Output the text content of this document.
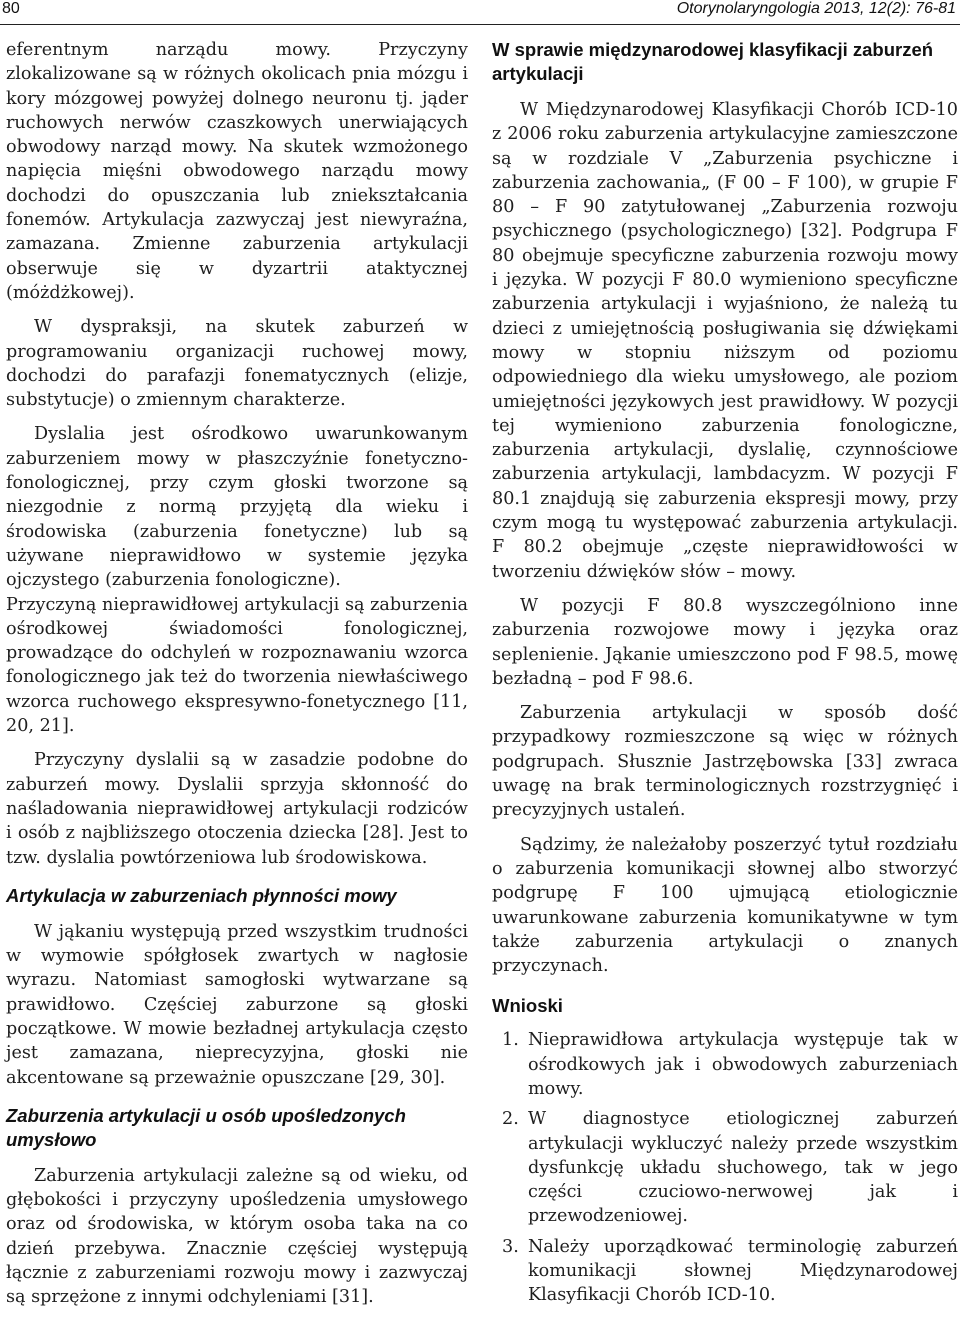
80	Otorynolaryngologia 2013, 12(2): 76-81

eferentnym narządu mowy. Przyczyny zlokalizowane są w różnych okolicach pnia mózgu i kory mózgowej powyżej dolnego neuronu tj. jąder ruchowych nerwów czaszkowych unerwiających obwodowy narząd mowy. Na skutek wzmożonego napięcia mięśni obwodowego narządu mowy dochodzi do opuszczania lub zniekształcania fonemów. Artykulacja zazwyczaj jest niewyraźna, zamazana. Zmienne zaburzenia artykulacji obserwuje się w dyzartrii ataktycznej (móżdżkowej).

W dyspraksji, na skutek zaburzeń w programowaniu organizacji ruchowej mowy, dochodzi do parafazji fonematycznych (elizje, substytucje) o zmiennym charakterze.

Dyslalia jest ośrodkowo uwarunkowanym zaburzeniem mowy w płaszczyźnie fonetyczno-fonologicznej, przy czym głoski tworzone są niezgodnie z normą przyjętą dla wieku i środowiska (zaburzenia fonetyczne) lub są używane nieprawidłowo w systemie języka ojczystego (zaburzenia fonologiczne).

Przyczyną nieprawidłowej artykulacji są zaburzenia ośrodkowej świadomości fonologicznej, prowadzące do odchyleń w rozpoznawaniu wzorca fonologicznego jak też do tworzenia niewłaściwego wzorca ruchowego ekspresywno-fonetycznego [11, 20, 21].

Przyczyny dyslalii są w zasadzie podobne do zaburzeń mowy. Dyslalii sprzyja skłonność do naśladowania nieprawidłowej artykulacji rodziców i osób z najbliższego otoczenia dziecka [28]. Jest to tzw. dyslalia powtórzeniowa lub środowiskowa.

Artykulacja w zaburzeniach płynności mowy

W jąkaniu występują przed wszystkim trudności w wymowie spółgłosek zwartych w nagłosie wyrazu. Natomiast samogłoski wytwarzane są prawidłowo. Częściej zaburzone są głoski początkowe. W mowie bezładnej artykulacja często jest zamazana, nieprecyzyjna, głoski nie akcentowane są przeważnie opuszczane [29, 30].

Zaburzenia artykulacji u osób upośledzonych umysłowo

Zaburzenia artykulacji zależne są od wieku, od głębokości i przyczyny upośledzenia umysłowego oraz od środowiska, w którym osoba taka na co dzień przebywa. Znacznie częściej występują łącznie z zaburzeniami rozwoju mowy i zazwyczaj są sprzężone z innymi odchyleniami [31].

W sprawie międzynarodowej klasyfikacji zaburzeń artykulacji

W Międzynarodowej Klasyfikacji Chorób ICD-10 z 2006 roku zaburzenia artykulacyjne zamieszczone są w rozdziale V „Zaburzenia psychiczne i zaburzenia zachowania„ (F 00 – F 100), w grupie F 80 – F 90 zatytułowanej „Zaburzenia rozwoju psychicznego (psychologicznego) [32]. Podgrupa F 80 obejmuje specyficzne zaburzenia rozwoju mowy i języka. W pozycji F 80.0 wymieniono specyficzne zaburzenia artykulacji i wyjaśniono, że należą tu dzieci z umiejętnością posługiwania się dźwiękami mowy w stopniu niższym od poziomu odpowiedniego dla wieku umysłowego, ale poziom umiejętności językowych jest prawidłowy. W pozycji tej wymieniono zaburzenia fonologiczne, zaburzenia artykulacji, dyslalię, czynnościowe zaburzenia artykulacji, lambdacyzm. W pozycji F 80.1 znajdują się zaburzenia ekspresji mowy, przy czym mogą tu występować zaburzenia artykulacji. F 80.2 obejmuje „częste nieprawidłowości w tworzeniu dźwięków słów – mowy.

W pozycji F 80.8 wyszczególniono inne zaburzenia rozwojowe mowy i języka oraz seplenienie. Jąkanie umieszczono pod F 98.5, mowę bezładną – pod F 98.6.

Zaburzenia artykulacji w sposób dość przypadkowy rozmieszczone są więc w różnych podgrupach. Słusznie Jastrzębowska [33] zwraca uwagę na brak terminologicznych rozstrzygnięć i precyzyjnych ustaleń.

Sądzimy, że należałoby poszerzyć tytuł rozdziału o zaburzenia komunikacji słownej albo stworzyć podgrupę F 100 ujmującą etiologicznie uwarunkowane zaburzenia komunikatywne w tym także zaburzenia artykulacji o znanych przyczynach.

Wnioski
1. Nieprawidłowa artykulacja występuje tak w ośrodkowych jak i obwodowych zaburzeniach mowy.
2. W diagnostyce etiologicznej zaburzeń artykulacji wykluczyć należy przede wszystkim dysfunkcję układu słuchowego, tak w jego części czuciowo-nerwowej jak i przewodzeniowej.
3. Należy uporządkować terminologię zaburzeń komunikacji słownej Międzynarodowej Klasyfikacji Chorób ICD-10.
